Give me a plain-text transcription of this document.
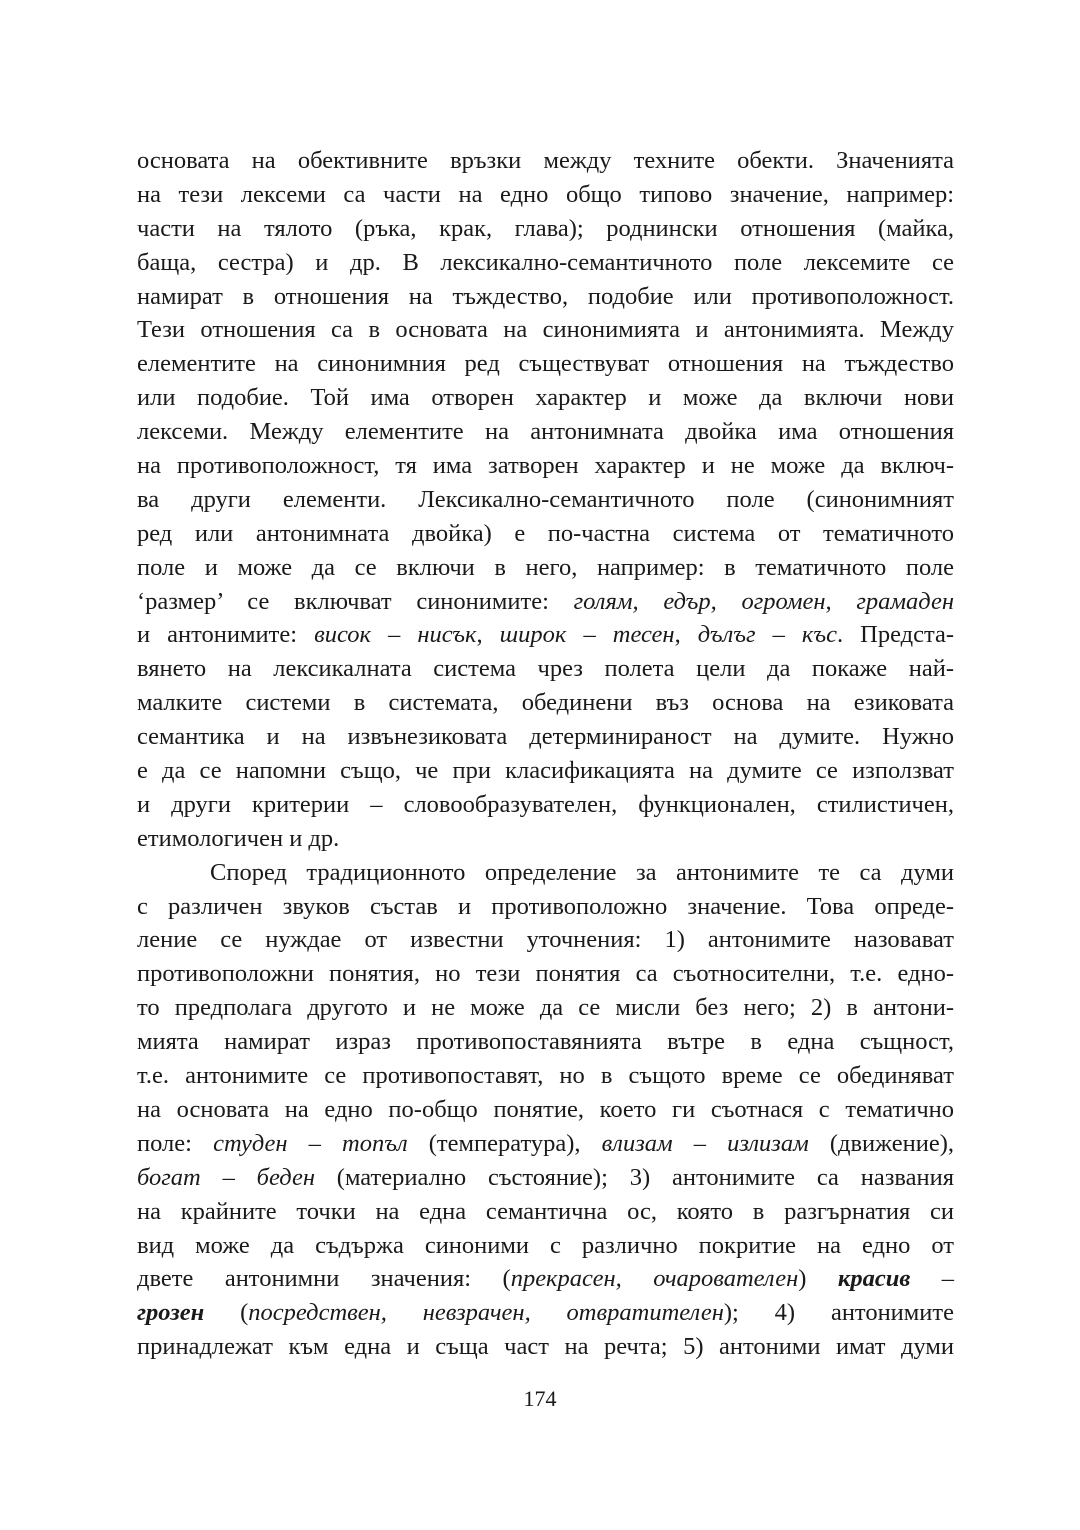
основата на обективните връзки между техните обекти. Значенията
на тези лексеми са части на едно общо типово значение, например:
части на тялото (ръка, крак, глава); роднински отношения (майка,
баща, сестра) и др. В лексикално-семантичното поле лексемите се
намират в отношения на тъждество, подобие или противоположност.
Тези отношения са в основата на синонимията и антонимията. Между
елементите на синонимния ред съществуват отношения на тъждество
или подобие. Той има отворен характер и може да включи нови
лексеми. Между елементите на антонимната двойка има отношения
на противоположност, тя има затворен характер и не може да включ-
ва други елементи. Лексикално-семантичното поле (синонимният
ред или антонимната двойка) е по-частна система от тематичното
поле и може да се включи в него, например: в тематичното поле
‘размер’ се включват синонимите: голям, едър, огромен, грамаден
и антонимите: висок – нисък, широк – тесен, дълъг – къс. Предста-
вянето на лексикалната система чрез полета цели да покаже най-
малките системи в системата, обединени въз основа на езиковата
семантика и на извънезиковата детерминираност на думите. Нужно
е да се напомни също, че при класификацията на думите се използват
и други критерии – словообразувателен, функционален, стилистичен,
етимологичен и др.
Според традиционното определение за антонимите те са думи
с различен звуков състав и противоположно значение. Това опреде-
ление се нуждае от известни уточнения: 1) антонимите назовават
противоположни понятия, но тези понятия са съотносителни, т.е. едно-
то предполага другото и не може да се мисли без него; 2) в антони-
мията намират израз противопоставянията вътре в една същност,
т.е. антонимите се противопоставят, но в същото време се обединяват
на основата на едно по-общо понятие, което ги съотнася с тематично
поле: студен – топъл (температура), влизам – излизам (движение),
богат – беден (материално състояние); 3) антонимите са названия
на крайните точки на една семантична ос, която в разгърнатия си
вид може да съдържа синоними с различно покритие на едно от
двете антонимни значения: (прекрасен, очарователен) красив –
грозен (посредствен, невзрачен, отвратителен); 4) антонимите
принадлежат към една и съща част на речта; 5) антоними имат думи
174
